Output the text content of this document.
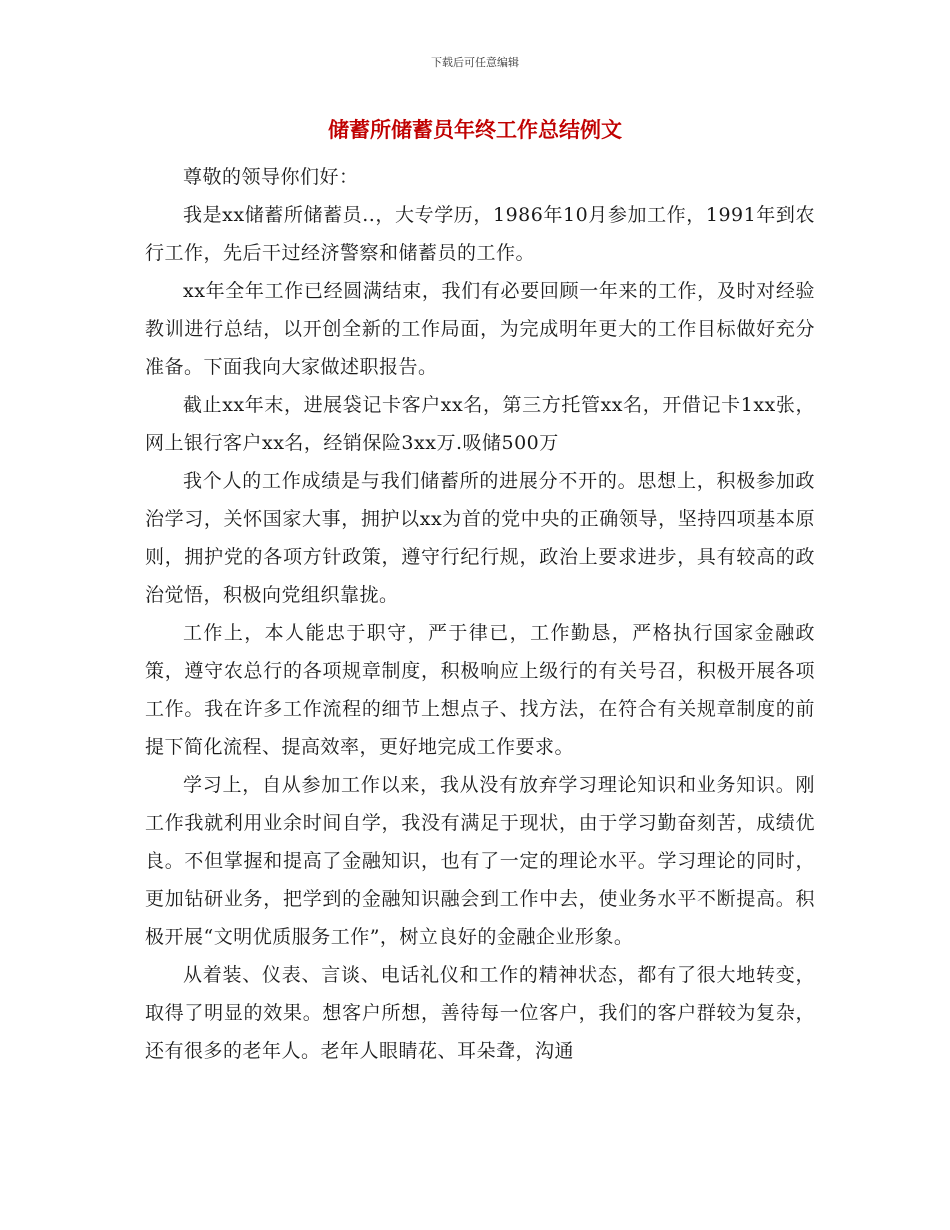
下载后可任意编辑
储蓄所储蓄员年终工作总结例文

尊敬的领导你们好：

我是xx储蓄所储蓄员..，大专学历，1986年10月参加工作，1991年到农行工作，先后干过经济警察和储蓄员的工作。

xx年全年工作已经圆满结束，我们有必要回顾一年来的工作，及时对经验教训进行总结，以开创全新的工作局面，为完成明年更大的工作目标做好充分准备。下面我向大家做述职报告。

截止xx年末，进展袋记卡客户xx名，第三方托管xx名，开借记卡1xx张，网上银行客户xx名，经销保险3xx万.吸储500万

我个人的工作成绩是与我们储蓄所的进展分不开的。思想上，积极参加政治学习，关怀国家大事，拥护以xx为首的党中央的正确领导，坚持四项基本原则，拥护党的各项方针政策，遵守行纪行规，政治上要求进步，具有较高的政治觉悟，积极向党组织靠拢。

工作上，本人能忠于职守，严于律已，工作勤恳，严格执行国家金融政策，遵守农总行的各项规章制度，积极响应上级行的有关号召，积极开展各项工作。我在许多工作流程的细节上想点子、找方法，在符合有关规章制度的前提下简化流程、提高效率，更好地完成工作要求。

学习上，自从参加工作以来，我从没有放弃学习理论知识和业务知识。刚工作我就利用业余时间自学，我没有满足于现状，由于学习勤奋刻苦，成绩优良。不但掌握和提高了金融知识，也有了一定的理论水平。学习理论的同时，更加钻研业务，把学到的金融知识融会到工作中去，使业务水平不断提高。积极开展“文明优质服务工作”，树立良好的金融企业形象。

从着装、仪表、言谈、电话礼仪和工作的精神状态，都有了很大地转变，取得了明显的效果。想客户所想，善待每一位客户，我们的客户群较为复杂，还有很多的老年人。老年人眼睛花、耳朵聋，沟通
